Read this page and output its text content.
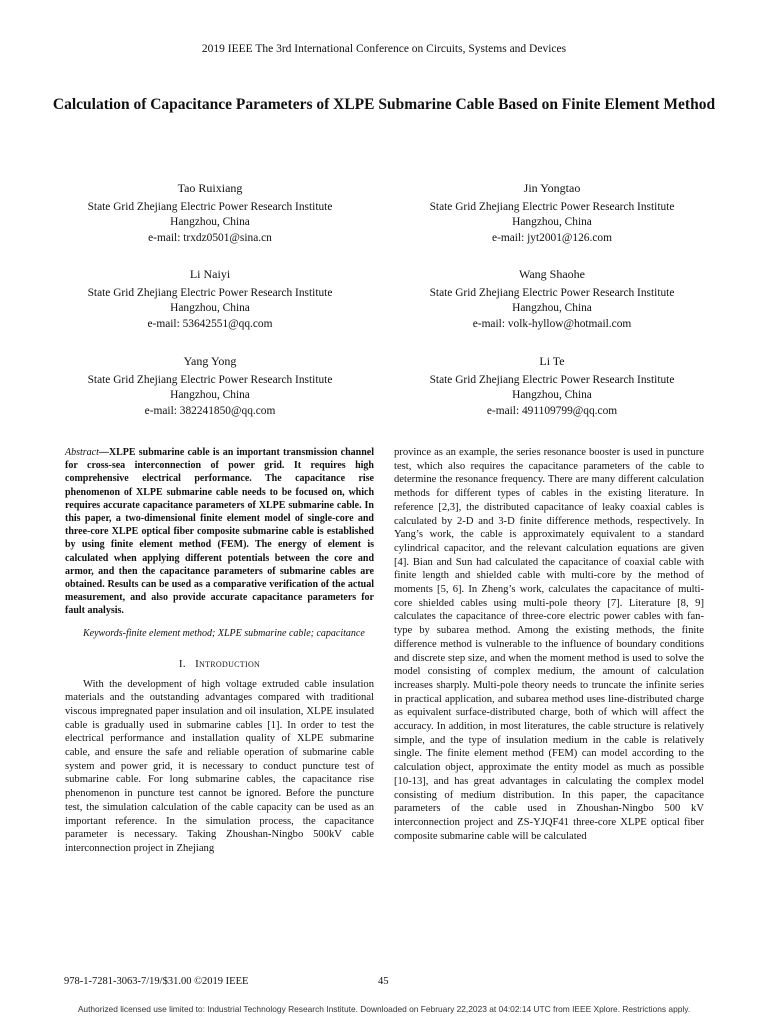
2019 IEEE The 3rd International Conference on Circuits, Systems and Devices
Calculation of Capacitance Parameters of XLPE Submarine Cable Based on Finite Element Method
Tao Ruixiang
State Grid Zhejiang Electric Power Research Institute
Hangzhou, China
e-mail: trxdz0501@sina.cn
Jin Yongtao
State Grid Zhejiang Electric Power Research Institute
Hangzhou, China
e-mail: jyt2001@126.com
Li Naiyi
State Grid Zhejiang Electric Power Research Institute
Hangzhou, China
e-mail: 53642551@qq.com
Wang Shaohe
State Grid Zhejiang Electric Power Research Institute
Hangzhou, China
e-mail: volk-hyllow@hotmail.com
Yang Yong
State Grid Zhejiang Electric Power Research Institute
Hangzhou, China
e-mail: 382241850@qq.com
Li Te
State Grid Zhejiang Electric Power Research Institute
Hangzhou, China
e-mail: 491109799@qq.com

Abstract—XLPE submarine cable is an important transmission channel for cross-sea interconnection of power grid. It requires high comprehensive electrical performance. The capacitance rise phenomenon of XLPE submarine cable needs to be focused on, which requires accurate capacitance parameters of XLPE submarine cable. In this paper, a two-dimensional finite element model of single-core and three-core XLPE optical fiber composite submarine cable is established by using finite element method (FEM). The energy of element is calculated when applying different potentials between the core and armor, and then the capacitance parameters of submarine cables are obtained. Results can be used as a comparative verification of the actual measurement, and also provide accurate capacitance parameters for fault analysis.

Keywords-finite element method; XLPE submarine cable; capacitance

I. Introduction

With the development of high voltage extruded cable insulation materials and the outstanding advantages compared with traditional viscous impregnated paper insulation and oil insulation, XLPE insulated cable is gradually used in submarine cables [1]. In order to test the electrical performance and installation quality of XLPE submarine cable, and ensure the safe and reliable operation of submarine cable system and power grid, it is necessary to conduct puncture test of submarine cable. For long submarine cables, the capacitance rise phenomenon in puncture test cannot be ignored. Before the puncture test, the simulation calculation of the cable capacity can be used as an important reference. In the simulation process, the capacitance parameter is necessary. Taking Zhoushan-Ningbo 500kV cable interconnection project in Zhejiang

province as an example, the series resonance booster is used in puncture test, which also requires the capacitance parameters of the cable to determine the resonance frequency. There are many different calculation methods for different types of cables in the existing literature. In reference [2,3], the distributed capacitance of leaky coaxial cables is calculated by 2-D and 3-D finite difference methods, respectively. In Yang’s work, the cable is approximately equivalent to a standard cylindrical capacitor, and the relevant calculation equations are given [4]. Bian and Sun had calculated the capacitance of coaxial cable with finite length and shielded cable with multi-core by the method of moments [5, 6]. In Zheng’s work, calculates the capacitance of multi-core shielded cables using multi-pole theory [7]. Literature [8, 9] calculates the capacitance of three-core electric power cables with fan-type by subarea method. Among the existing methods, the finite difference method is vulnerable to the influence of boundary conditions and discrete step size, and when the moment method is used to solve the model consisting of complex medium, the amount of calculation increases sharply. Multi-pole theory needs to truncate the infinite series in practical application, and subarea method uses line-distributed charge as equivalent surface-distributed charge, both of which will affect the accuracy. In addition, in most literatures, the cable structure is relatively simple, and the type of insulation medium in the cable is relatively single. The finite element method (FEM) can model according to the calculation object, approximate the entity model as much as possible [10-13], and has great advantages in calculating the complex model consisting of medium distribution. In this paper, the capacitance parameters of the cable used in Zhoushan-Ningbo 500 kV interconnection project and ZS-YJQF41 three-core XLPE optical fiber composite submarine cable will be calculated

978-1-7281-3063-7/19/$31.00 ©2019 IEEE	45
Authorized licensed use limited to: Industrial Technology Research Institute. Downloaded on February 22,2023 at 04:02:14 UTC from IEEE Xplore. Restrictions apply.
